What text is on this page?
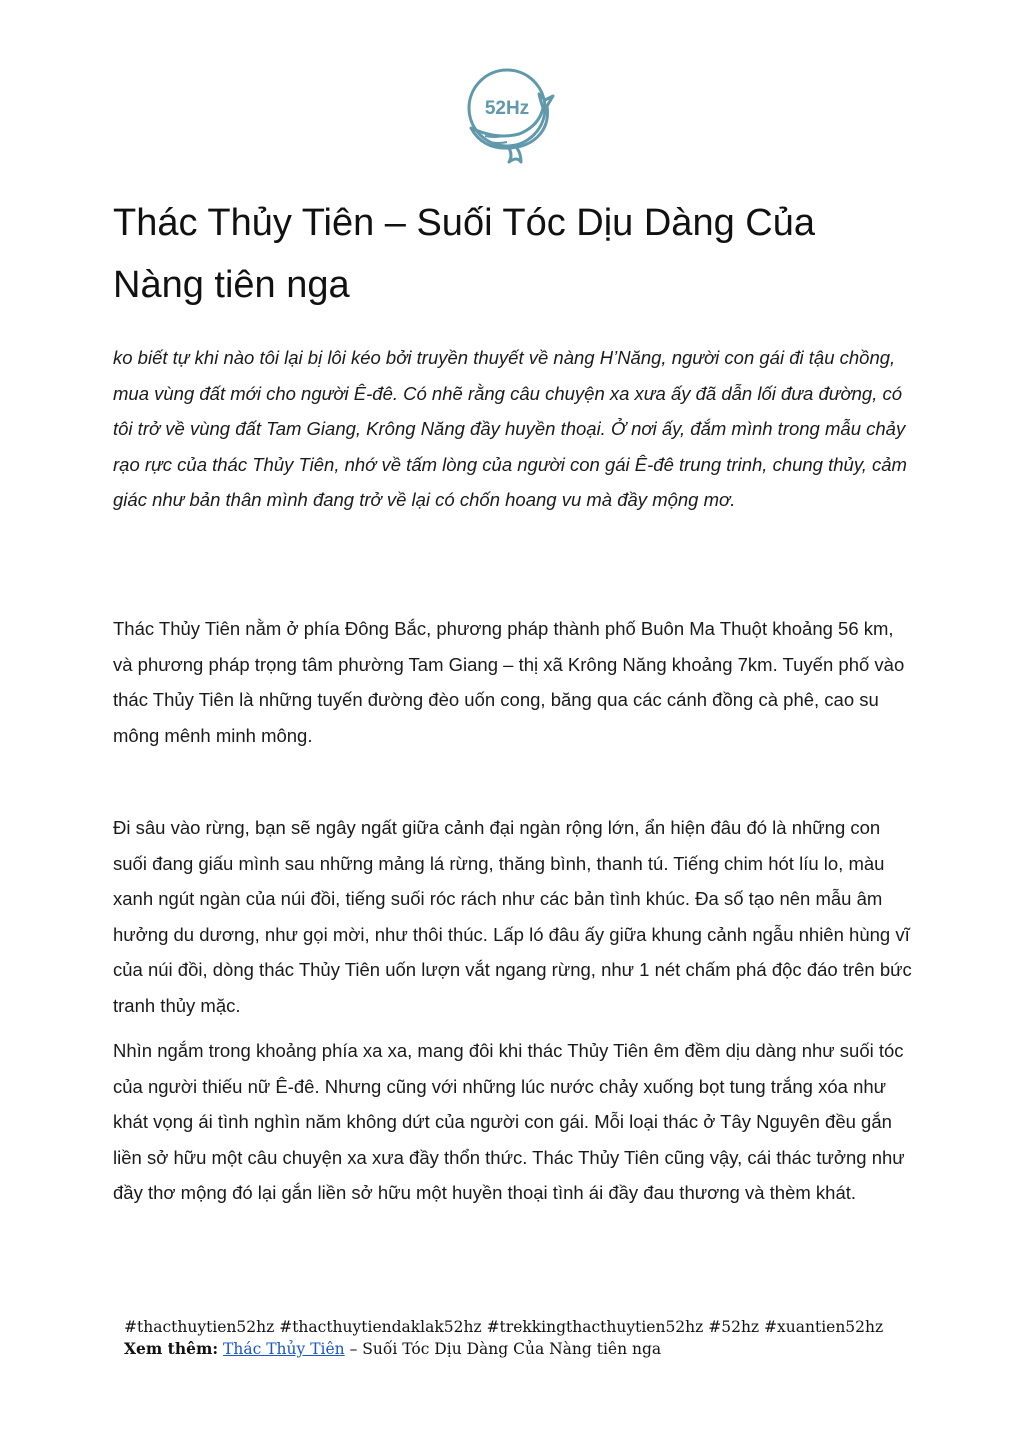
52Hz
Thác Thủy Tiên – Suối Tóc Dịu Dàng Của Nàng tiên nga

ko biết tự khi nào tôi lại bị lôi kéo bởi truyền thuyết về nàng H’Năng, người con gái đi tậu chồng, mua vùng đất mới cho người Ê-đê. Có nhẽ rằng câu chuyện xa xưa ấy đã dẫn lối đưa đường, có tôi trở về vùng đất Tam Giang, Krông Năng đầy huyền thoại. Ở nơi ấy, đắm mình trong mẫu chảy rạo rực của thác Thủy Tiên, nhớ về tấm lòng của người con gái Ê-đê trung trinh, chung thủy, cảm giác như bản thân mình đang trở về lại có chốn hoang vu mà đầy mộng mơ.

Thác Thủy Tiên nằm ở phía Đông Bắc, phương pháp thành phố Buôn Ma Thuột khoảng 56 km, và phương pháp trọng tâm phường Tam Giang – thị xã Krông Năng khoảng 7km. Tuyến phố vào thác Thủy Tiên là những tuyến đường đèo uốn cong, băng qua các cánh đồng cà phê, cao su mông mênh minh mông.

Đi sâu vào rừng, bạn sẽ ngây ngất giữa cảnh đại ngàn rộng lớn, ẩn hiện đâu đó là những con suối đang giấu mình sau những mảng lá rừng, thăng bình, thanh tú. Tiếng chim hót líu lo, màu xanh ngút ngàn của núi đồi, tiếng suối róc rách như các bản tình khúc. Đa số tạo nên mẫu âm hưởng du dương, như gọi mời, như thôi thúc. Lấp ló đâu ấy giữa khung cảnh ngẫu nhiên hùng vĩ của núi đồi, dòng thác Thủy Tiên uốn lượn vắt ngang rừng, như 1 nét chấm phá độc đáo trên bức tranh thủy mặc.

Nhìn ngắm trong khoảng phía xa xa, mang đôi khi thác Thủy Tiên êm đềm dịu dàng như suối tóc của người thiếu nữ Ê-đê. Nhưng cũng với những lúc nước chảy xuống bọt tung trắng xóa như khát vọng ái tình nghìn năm không dứt của người con gái. Mỗi loại thác ở Tây Nguyên đều gắn liền sở hữu một câu chuyện xa xưa đầy thổn thức. Thác Thủy Tiên cũng vậy, cái thác tưởng như đầy thơ mộng đó lại gắn liền sở hữu một huyền thoại tình ái đầy đau thương và thèm khát.

#thacthuytien52hz #thacthuytiendaklak52hz #trekkingthacthuytien52hz #52hz #xuantien52hz
Xem thêm: Thác Thủy Tiên – Suối Tóc Dịu Dàng Của Nàng tiên nga
